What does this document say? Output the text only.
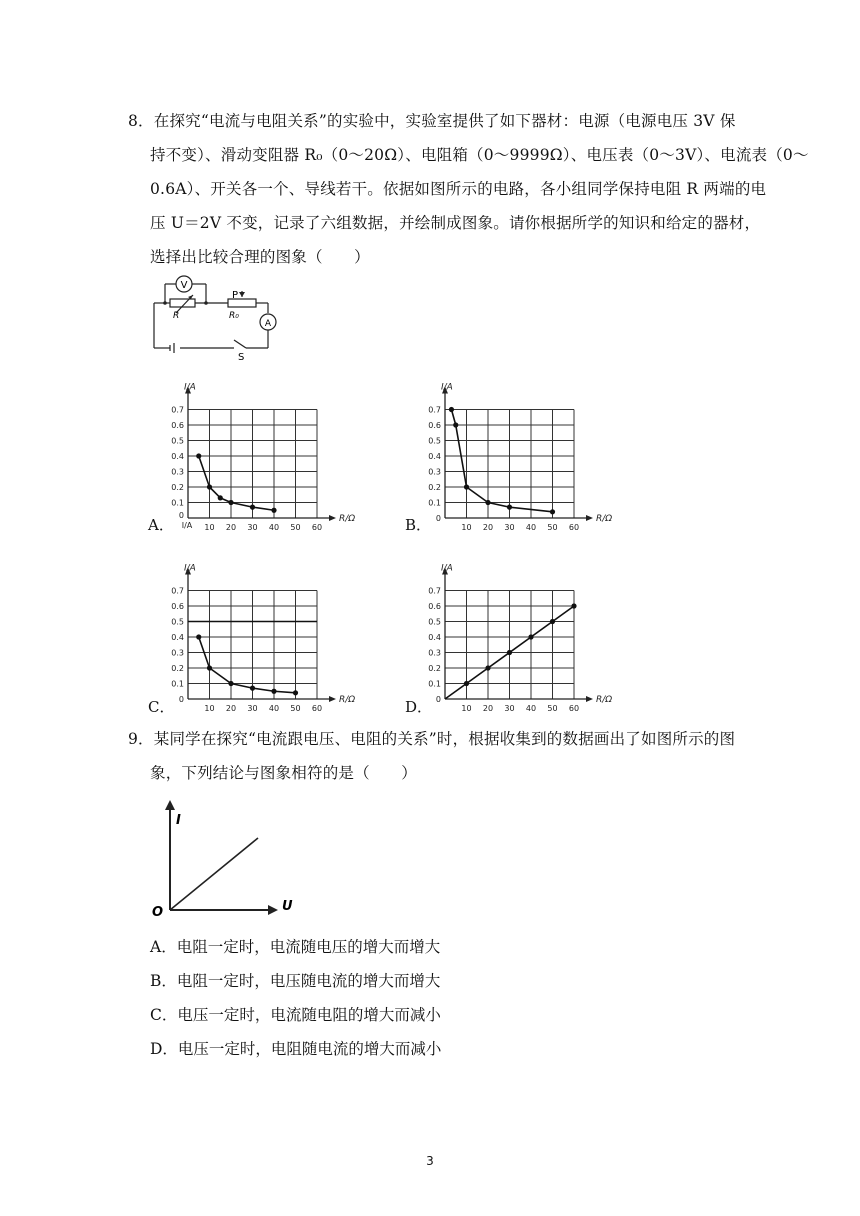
8．在探究“电流与电阻关系”的实验中，实验室提供了如下器材：电源（电源电压 3V 保
持不变）、滑动变阻器 R₀（0～20Ω）、电阻箱（0～9999Ω）、电压表（0～3V）、电流表（0～
0.6A）、开关各一个、导线若干。依据如图所示的电路，各小组同学保持电阻 R 两端的电
压 U＝2V 不变，记录了六组数据，并绘制成图象。请你根据所学的知识和给定的器材，
选择出比较合理的图象（　　）
V
A
R	R₀
P
S
10 20 30 40 50 60
0.1
0.2
0.3
0.4
0.5
0.6
0.7
0
I/A
I/A
R/Ω
10 20 30 40 50 60
0.1
0.2
0.3
0.4
0.5
0.6
0.7
0
I/A
R/Ω
10 20 30 40 50 60
0.1
0.2
0.3
0.4
0.5
0.6
0.7
0
I/A
R/Ω
10 20 30 40 50 60
0.1
0.2
0.3
0.4
0.5
0.6
0.7
0
I/A
R/Ω
A．	B．
C．	D．
9．某同学在探究“电流跟电压、电阻的关系”时，根据收集到的数据画出了如图所示的图
象，下列结论与图象相符的是（　　）
I
U
O
A．电阻一定时，电流随电压的增大而增大
B．电阻一定时，电压随电流的增大而增大
C．电压一定时，电流随电阻的增大而减小
D．电压一定时，电阻随电流的增大而减小
3
